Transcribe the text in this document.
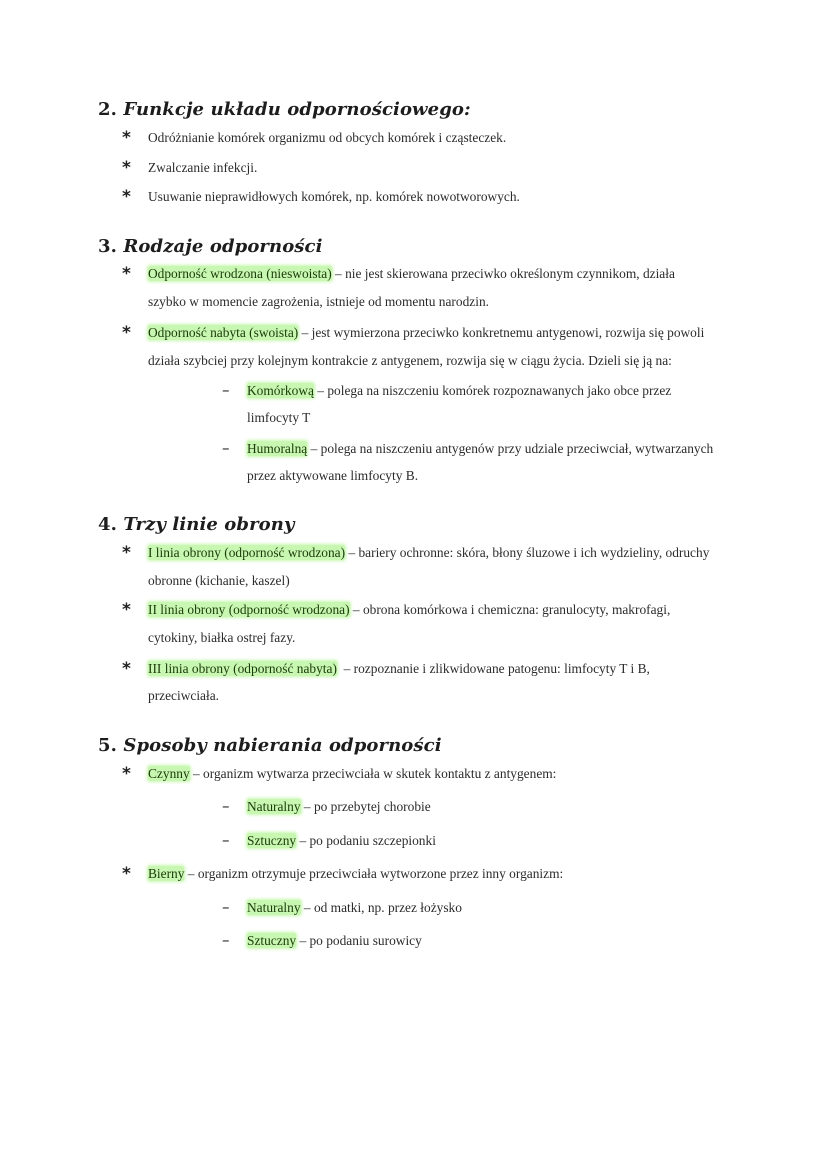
2. Funkcje układu odpornościowego:
* Odróżnianie komórek organizmu od obcych komórek i cząsteczek.
* Zwalczanie infekcji.
* Usuwanie nieprawidłowych komórek, np. komórek nowotworowych.
3. Rodzaje odporności
* Odporność wrodzona (nieswoista) – nie jest skierowana przeciwko określonym czynnikom, działa
szybko w momencie zagrożenia, istnieje od momentu narodzin.
* Odporność nabyta (swoista) – jest wymierzona przeciwko konkretnemu antygenowi, rozwija się powoli
działa szybciej przy kolejnym kontrakcie z antygenem, rozwija się w ciągu życia. Dzieli się ją na:
– Komórkową – polega na niszczeniu komórek rozpoznawanych jako obce przez
limfocyty T
– Humoralną – polega na niszczeniu antygenów przy udziale przeciwciał, wytwarzanych
przez aktywowane limfocyty B.
4. Trzy linie obrony
* I linia obrony (odporność wrodzona) – bariery ochronne: skóra, błony śluzowe i ich wydzieliny, odruchy
obronne (kichanie, kaszel)
* II linia obrony (odporność wrodzona) – obrona komórkowa i chemiczna: granulocyty, makrofagi,
cytokiny, białka ostrej fazy.
* III linia obrony (odporność nabyta)  – rozpoznanie i zlikwidowane patogenu: limfocyty T i B,
przeciwciała.
5. Sposoby nabierania odporności
* Czynny – organizm wytwarza przeciwciała w skutek kontaktu z antygenem:
– Naturalny – po przebytej chorobie
– Sztuczny – po podaniu szczepionki
* Bierny – organizm otrzymuje przeciwciała wytworzone przez inny organizm:
– Naturalny – od matki, np. przez łożysko
– Sztuczny – po podaniu surowicy
